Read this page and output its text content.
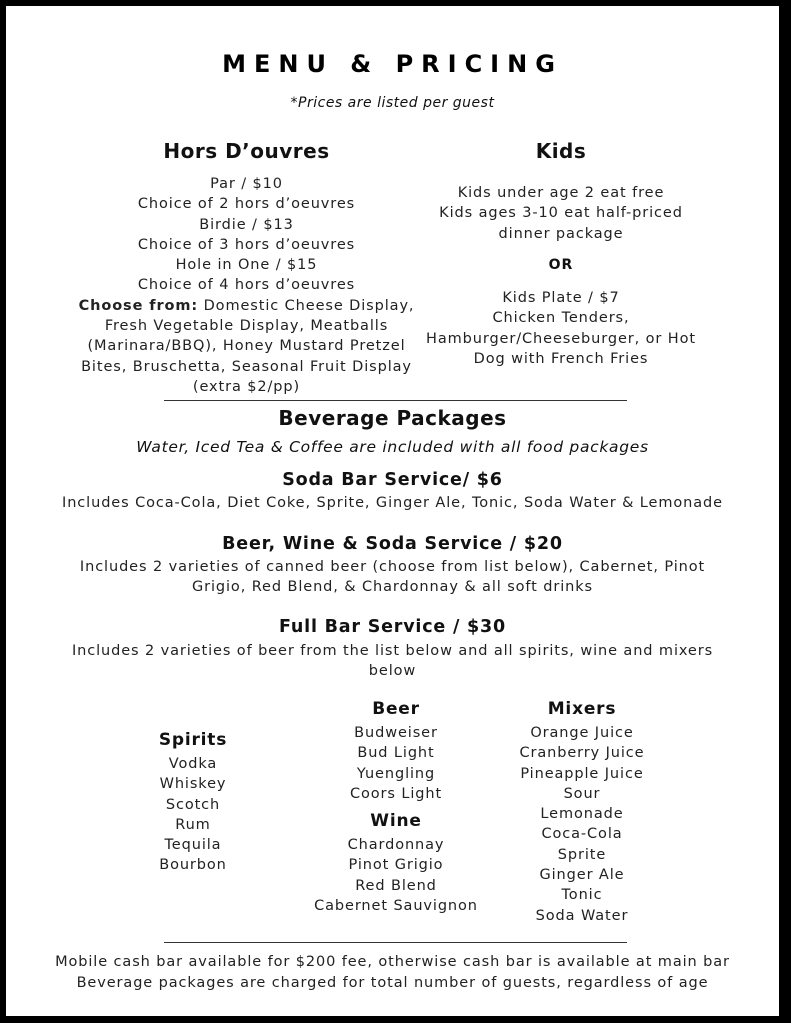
MENU & PRICING
*Prices are listed per guest
Hors D’ouvres
Par / $10
Choice of 2 hors d’oeuvres
Birdie / $13
Choice of 3 hors d’oeuvres
Hole in One / $15
Choice of 4 hors d’oeuvres
Choose from: Domestic Cheese Display, Fresh Vegetable Display, Meatballs (Marinara/BBQ), Honey Mustard Pretzel Bites, Bruschetta, Seasonal Fruit Display (extra $2/pp)
Kids
Kids under age 2 eat free
Kids ages 3-10 eat half-priced dinner package
OR
Kids Plate / $7
Chicken Tenders, Hamburger/Cheeseburger, or Hot Dog with French Fries
Beverage Packages
Water, Iced Tea & Coffee are included with all food packages
Soda Bar Service/ $6
Includes Coca-Cola, Diet Coke, Sprite, Ginger Ale, Tonic, Soda Water & Lemonade
Beer, Wine & Soda Service / $20
Includes 2 varieties of canned beer (choose from list below), Cabernet, Pinot Grigio, Red Blend, & Chardonnay & all soft drinks
Full Bar Service / $30
Includes 2 varieties of beer from the list below and all spirits, wine and mixers below
Spirits
Vodka
Whiskey
Scotch
Rum
Tequila
Bourbon
Beer
Budweiser
Bud Light
Yuengling
Coors Light
Wine
Chardonnay
Pinot Grigio
Red Blend
Cabernet Sauvignon
Mixers
Orange Juice
Cranberry Juice
Pineapple Juice
Sour
Lemonade
Coca-Cola
Sprite
Ginger Ale
Tonic
Soda Water
Mobile cash bar available for $200 fee, otherwise cash bar is available at main bar
Beverage packages are charged for total number of guests, regardless of age
